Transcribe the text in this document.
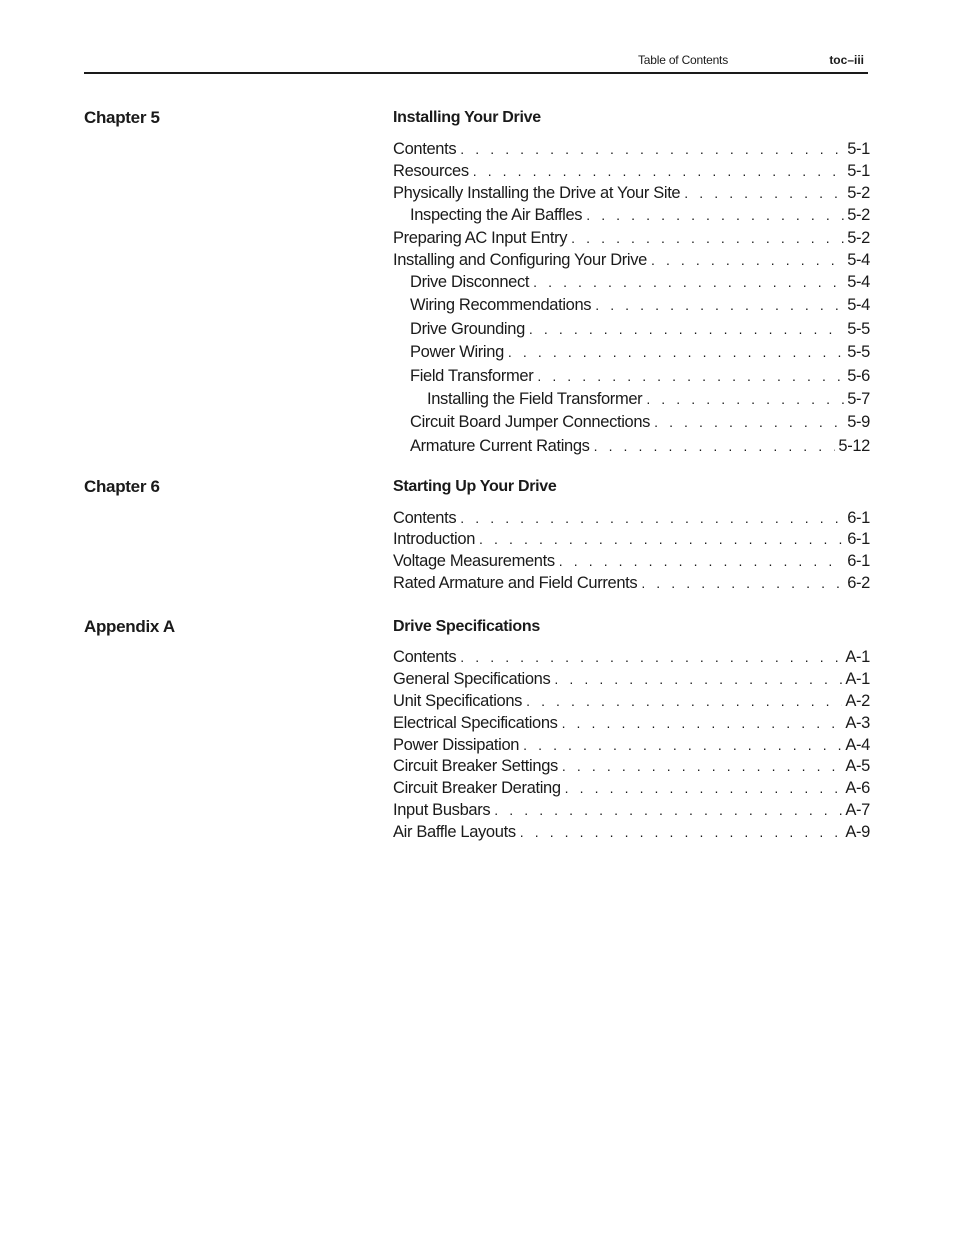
Table of Contents	toc–iii
Chapter 5	Installing Your Drive
Contents . . .	5-1
Resources . . .	5-1
Physically Installing the Drive at Your Site . . .	5-2
Inspecting the Air Baffles . . .	5-2
Preparing AC Input Entry . . .	5-2
Installing and Configuring Your Drive . . .	5-4
Drive Disconnect . . .	5-4
Wiring Recommendations . . .	5-4
Drive Grounding . . .	5-5
Power Wiring . . .	5-5
Field Transformer . . .	5-6
Installing the Field Transformer . . .	5-7
Circuit Board Jumper Connections . . .	5-9
Armature Current Ratings . . .	5-12
Chapter 6	Starting Up Your Drive
Contents . . .	6-1
Introduction . . .	6-1
Voltage Measurements . . .	6-1
Rated Armature and Field Currents . . .	6-2
Appendix A	Drive Specifications
Contents . . .	A-1
General Specifications . . .	A-1
Unit Specifications . . .	A-2
Electrical Specifications . . .	A-3
Power Dissipation . . .	A-4
Circuit Breaker Settings . . .	A-5
Circuit Breaker Derating . . .	A-6
Input Busbars . . .	A-7
Air Baffle Layouts . . .	A-9
